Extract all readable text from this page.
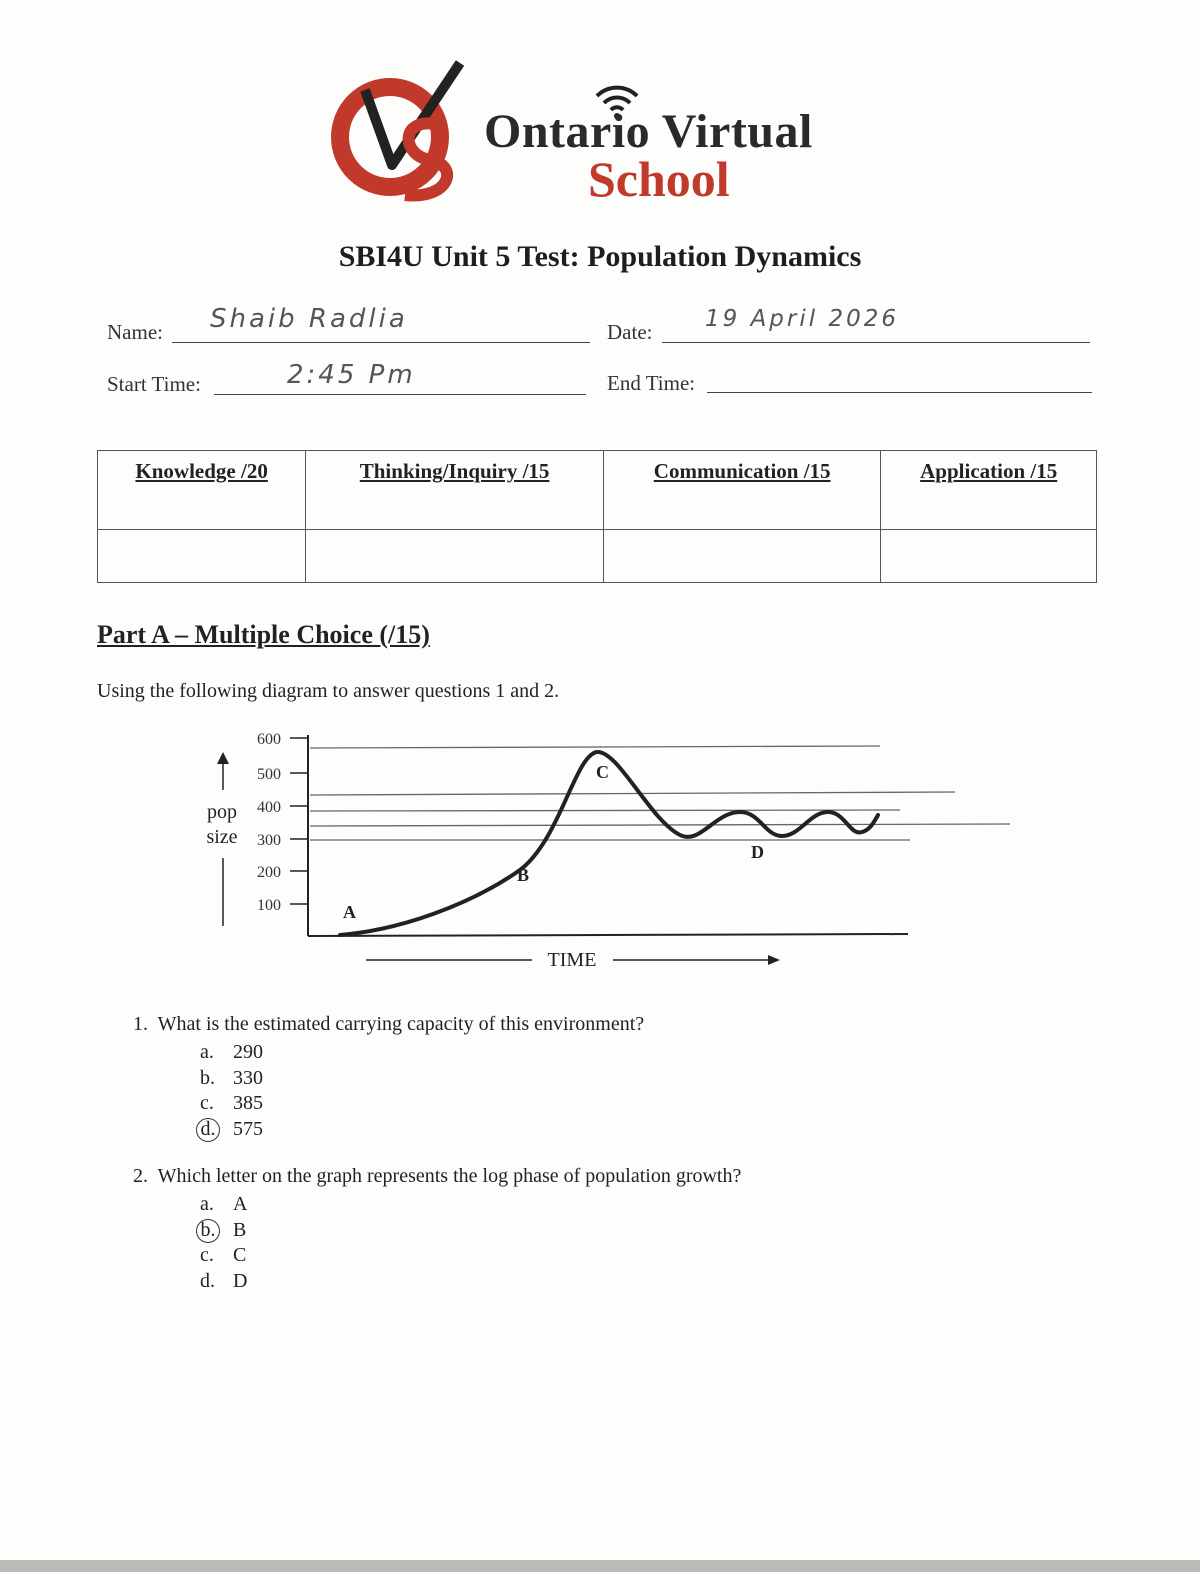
Ontario Virtual
School
SBI4U Unit 5 Test: Population Dynamics
Name: Shaib Radlia	Date: 19 April 2026
Start Time:	2:45 Pm	End Time:
Knowledge /20	Thinking/Inquiry /15	Communication /15	Application /15

Part A – Multiple Choice (/15)
Using the following diagram to answer questions 1 and 2.
600
500
400
300
200
100
pop
size
A
B
C
D
TIME
1. What is the estimated carrying capacity of this environment?
a. 290
b. 330
c. 385
d. 575
2. Which letter on the graph represents the log phase of population growth?
a. A
b. B
c. C
d. D
